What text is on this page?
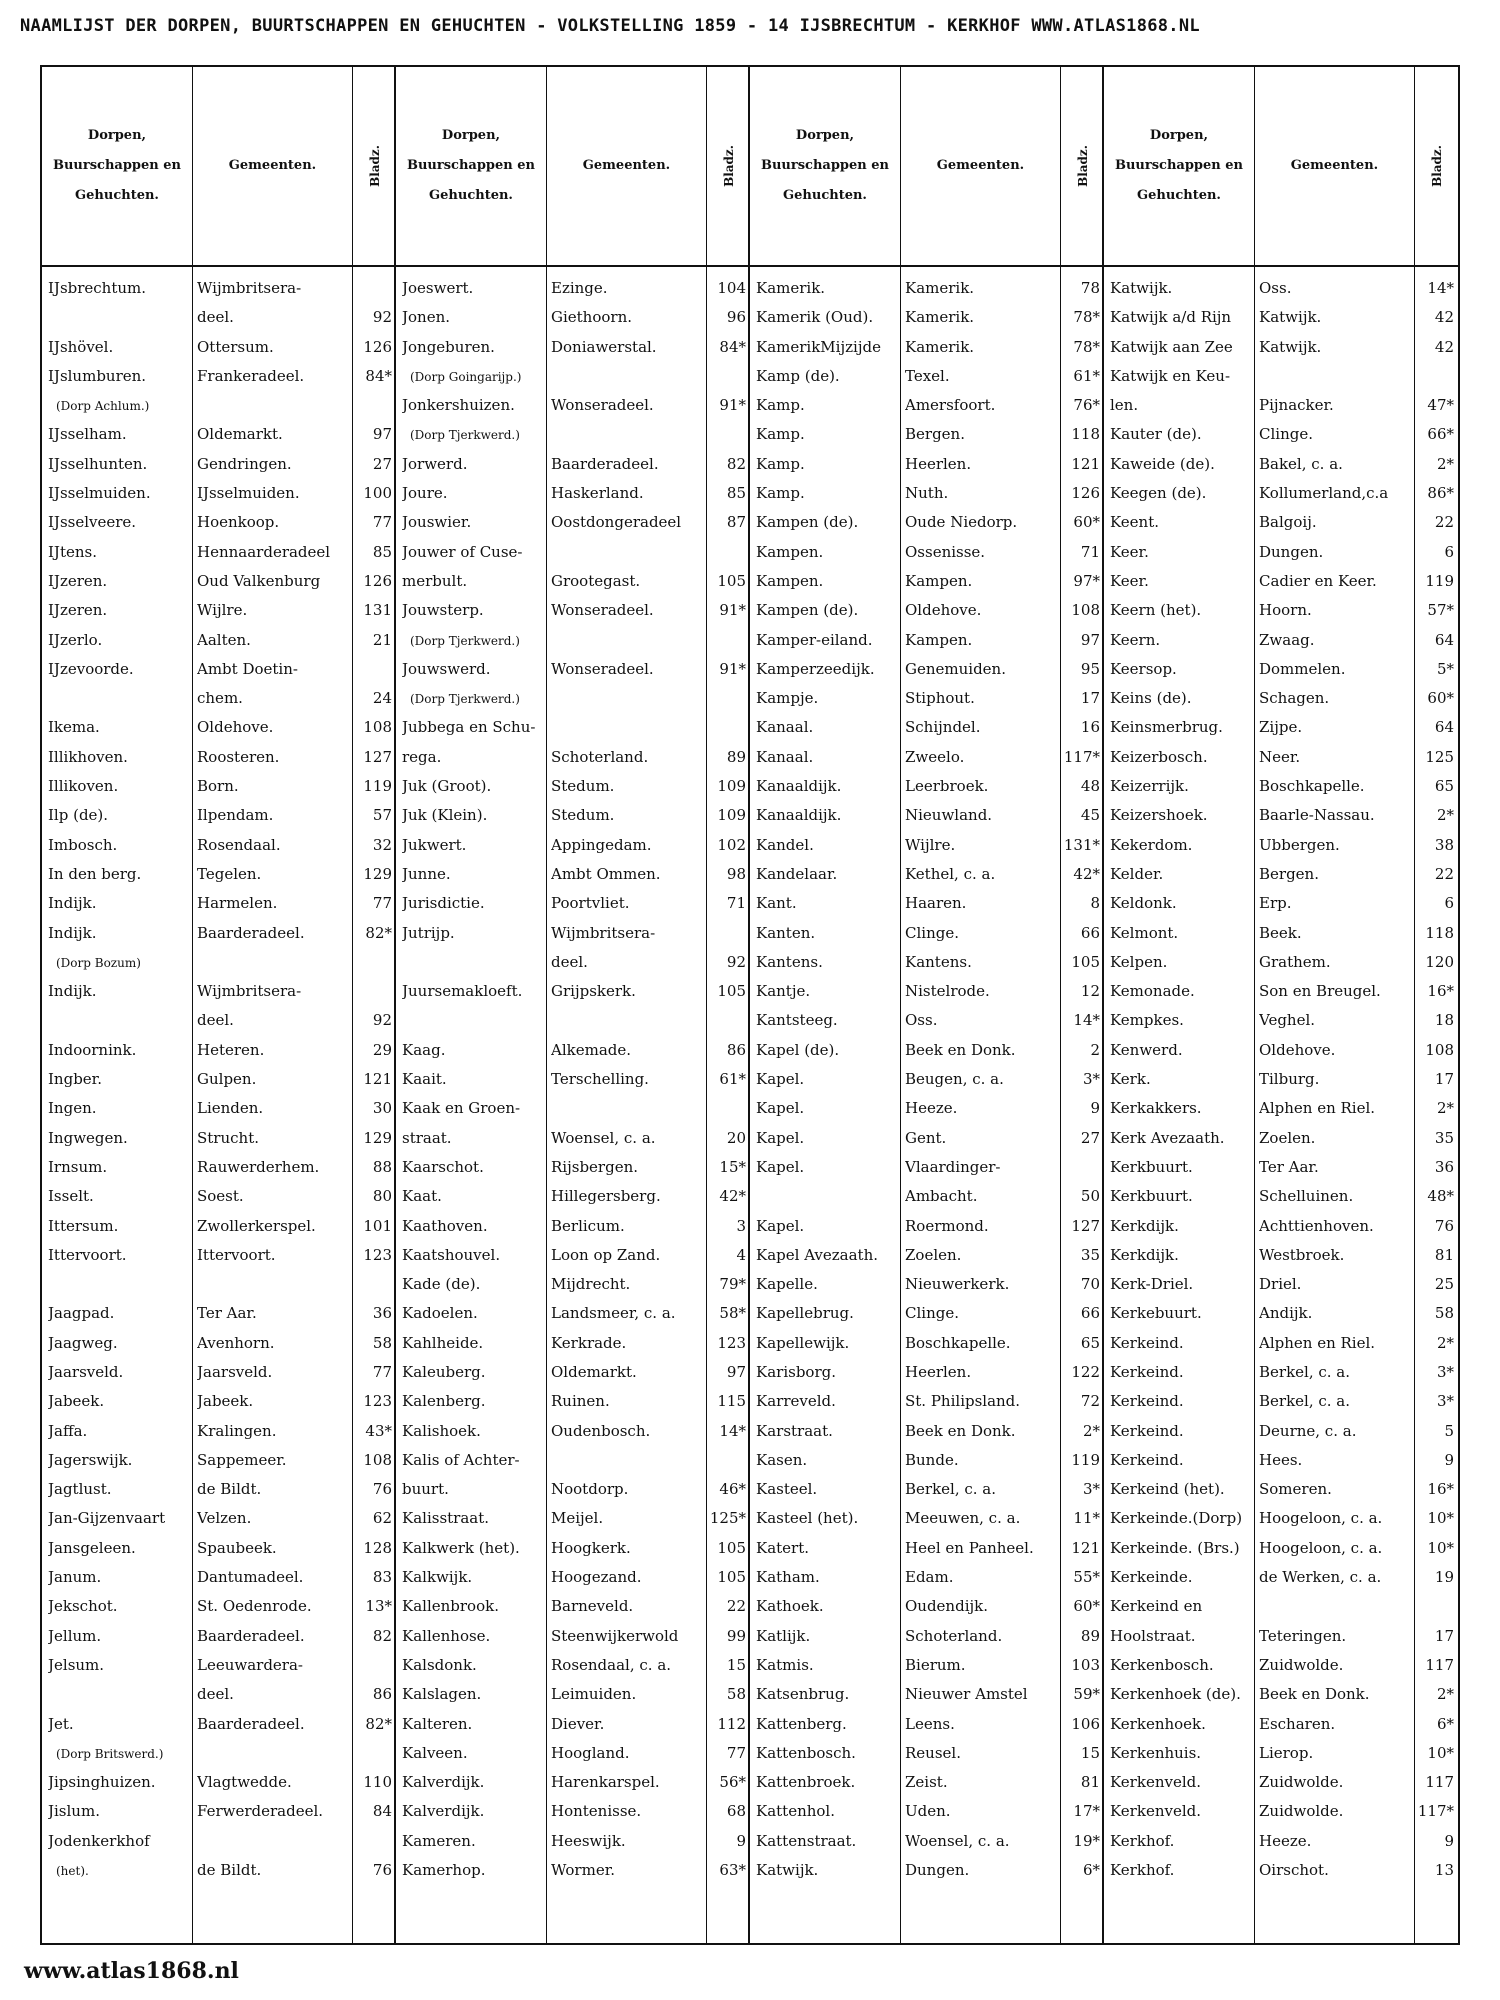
NAAMLIJST DER DORPEN, BUURTSCHAPPEN EN GEHUCHTEN - VOLKSTELLING 1859 - 14 IJSBRECHTUM - KERKHOF WWW.ATLAS1868.NL
Dorpen, Buurschappen en Gehuchten.
Gemeenten.	Bladz.
IJsbrechtum.	Wijmbritsera-
deel.	92
IJshövel.	Ottersum.	126
IJslumburen.	Frankeradeel.	84*
(Dorp Achlum.)
IJsselham.	Oldemarkt.	97
IJsselhunten.	Gendringen.	27
IJsselmuiden.	IJsselmuiden.	100
IJsselveere.	Hoenkoop.	77
IJtens.	Hennaarderadeel	85
IJzeren.	Oud Valkenburg	126
IJzeren.	Wijlre.	131
IJzerlo.	Aalten.	21
IJzevoorde.	Ambt Doetin-
chem.	24
Ikema.	Oldehove.	108
Illikhoven.	Roosteren.	127
Illikoven.	Born.	119
Ilp (de).	Ilpendam.	57
Imbosch.	Rosendaal.	32
In den berg.	Tegelen.	129
Indijk.	Harmelen.	77
Indijk.	Baarderadeel.	82*
(Dorp Bozum)
Indijk.	Wijmbritsera-
deel.	92
Indoornink.	Heteren.	29
Ingber.	Gulpen.	121
Ingen.	Lienden.	30
Ingwegen.	Strucht.	129
Irnsum.	Rauwerderhem.	88
Isselt.	Soest.	80
Ittersum.	Zwollerkerspel.	101
Ittervoort.	Ittervoort.	123
Jaagpad.	Ter Aar.	36
Jaagweg.	Avenhorn.	58
Jaarsveld.	Jaarsveld.	77
Jabeek.	Jabeek.	123
Jaffa.	Kralingen.	43*
Jagerswijk.	Sappemeer.	108
Jagtlust.	de Bildt.	76
Jan-Gijzenvaart	Velzen.	62
Jansgeleen.	Spaubeek.	128
Janum.	Dantumadeel.	83
Jekschot.	St. Oedenrode.	13*
Jellum.	Baarderadeel.	82
Jelsum.	Leeuwardera-
deel.	86
Jet.	Baarderadeel.	82*
(Dorp Britswerd.)
Jipsinghuizen.	Vlagtwedde.	110
Jislum.	Ferwerderadeel.	84
Jodenkerkhof
(het).	de Bildt.	76
Dorpen, Buurschappen en Gehuchten.
Gemeenten.	Bladz.
Joeswert.	Ezinge.	104
Jonen.	Giethoorn.	96
Jongeburen.	Doniawerstal.	84*
(Dorp Goingarijp.)
Jonkershuizen.	Wonseradeel.	91*
(Dorp Tjerkwerd.)
Jorwerd.	Baarderadeel.	82
Joure.	Haskerland.	85
Jouswier.	Oostdongeradeel	87
Jouwer of Cuse-
merbult.	Grootegast.	105
Jouwsterp.	Wonseradeel.	91*
(Dorp Tjerkwerd.)
Jouwswerd.	Wonseradeel.	91*
(Dorp Tjerkwerd.)
Jubbega en Schu-
rega.	Schoterland.	89
Juk (Groot).	Stedum.	109
Juk (Klein).	Stedum.	109
Jukwert.	Appingedam.	102
Junne.	Ambt Ommen.	98
Jurisdictie.	Poortvliet.	71
Jutrijp.	Wijmbritsera-
deel.	92
Juursemakloeft.	Grijpskerk.	105
Kaag.	Alkemade.	86
Kaait.	Terschelling.	61*
Kaak en Groen-
straat.	Woensel, c. a.	20
Kaarschot.	Rijsbergen.	15*
Kaat.	Hillegersberg.	42*
Kaathoven.	Berlicum.	3
Kaatshouvel.	Loon op Zand.	4
Kade (de).	Mijdrecht.	79*
Kadoelen.	Landsmeer, c. a.	58*
Kahlheide.	Kerkrade.	123
Kaleuberg.	Oldemarkt.	97
Kalenberg.	Ruinen.	115
Kalishoek.	Oudenbosch.	14*
Kalis of Achter-
buurt.	Nootdorp.	46*
Kalisstraat.	Meijel.	125*
Kalkwerk (het).	Hoogkerk.	105
Kalkwijk.	Hoogezand.	105
Kallenbrook.	Barneveld.	22
Kallenhose.	Steenwijkerwold	99
Kalsdonk.	Rosendaal, c. a.	15
Kalslagen.	Leimuiden.	58
Kalteren.	Diever.	112
Kalveen.	Hoogland.	77
Kalverdijk.	Harenkarspel.	56*
Kalverdijk.	Hontenisse.	68
Kameren.	Heeswijk.	9
Kamerhop.	Wormer.	63*
Dorpen, Buurschappen en Gehuchten.
Gemeenten.	Bladz.
Kamerik.	Kamerik.	78
Kamerik (Oud).	Kamerik.	78*
KamerikMijzijde	Kamerik.	78*
Kamp (de).	Texel.	61*
Kamp.	Amersfoort.	76*
Kamp.	Bergen.	118
Kamp.	Heerlen.	121
Kamp.	Nuth.	126
Kampen (de).	Oude Niedorp.	60*
Kampen.	Ossenisse.	71
Kampen.	Kampen.	97*
Kampen (de).	Oldehove.	108
Kamper-eiland.	Kampen.	97
Kamperzeedijk.	Genemuiden.	95
Kampje.	Stiphout.	17
Kanaal.	Schijndel.	16
Kanaal.	Zweelo.	117*
Kanaaldijk.	Leerbroek.	48
Kanaaldijk.	Nieuwland.	45
Kandel.	Wijlre.	131*
Kandelaar.	Kethel, c. a.	42*
Kant.	Haaren.	8
Kanten.	Clinge.	66
Kantens.	Kantens.	105
Kantje.	Nistelrode.	12
Kantsteeg.	Oss.	14*
Kapel (de).	Beek en Donk.	2
Kapel.	Beugen, c. a.	3*
Kapel.	Heeze.	9
Kapel.	Gent.	27
Kapel.	Vlaardinger-
Ambacht.	50
Kapel.	Roermond.	127
Kapel Avezaath.	Zoelen.	35
Kapelle.	Nieuwerkerk.	70
Kapellebrug.	Clinge.	66
Kapellewijk.	Boschkapelle.	65
Karisborg.	Heerlen.	122
Karreveld.	St. Philipsland.	72
Karstraat.	Beek en Donk.	2*
Kasen.	Bunde.	119
Kasteel.	Berkel, c. a.	3*
Kasteel (het).	Meeuwen, c. a.	11*
Katert.	Heel en Panheel.	121
Katham.	Edam.	55*
Kathoek.	Oudendijk.	60*
Katlijk.	Schoterland.	89
Katmis.	Bierum.	103
Katsenbrug.	Nieuwer Amstel	59*
Kattenberg.	Leens.	106
Kattenbosch.	Reusel.	15
Kattenbroek.	Zeist.	81
Kattenhol.	Uden.	17*
Kattenstraat.	Woensel, c. a.	19*
Katwijk.	Dungen.	6*
Dorpen, Buurschappen en Gehuchten.
Gemeenten.	Bladz.
Katwijk.	Oss.	14*
Katwijk a/d Rijn	Katwijk.	42
Katwijk aan Zee	Katwijk.	42
Katwijk en Keu-
len.	Pijnacker.	47*
Kauter (de).	Clinge.	66*
Kaweide (de).	Bakel, c. a.	2*
Keegen (de).	Kollumerland,c.a	86*
Keent.	Balgoij.	22
Keer.	Dungen.	6
Keer.	Cadier en Keer.	119
Keern (het).	Hoorn.	57*
Keern.	Zwaag.	64
Keersop.	Dommelen.	5*
Keins (de).	Schagen.	60*
Keinsmerbrug.	Zijpe.	64
Keizerbosch.	Neer.	125
Keizerrijk.	Boschkapelle.	65
Keizershoek.	Baarle-Nassau.	2*
Kekerdom.	Ubbergen.	38
Kelder.	Bergen.	22
Keldonk.	Erp.	6
Kelmont.	Beek.	118
Kelpen.	Grathem.	120
Kemonade.	Son en Breugel.	16*
Kempkes.	Veghel.	18
Kenwerd.	Oldehove.	108
Kerk.	Tilburg.	17
Kerkakkers.	Alphen en Riel.	2*
Kerk Avezaath.	Zoelen.	35
Kerkbuurt.	Ter Aar.	36
Kerkbuurt.	Schelluinen.	48*
Kerkdijk.	Achttienhoven.	76
Kerkdijk.	Westbroek.	81
Kerk-Driel.	Driel.	25
Kerkebuurt.	Andijk.	58
Kerkeind.	Alphen en Riel.	2*
Kerkeind.	Berkel, c. a.	3*
Kerkeind.	Berkel, c. a.	3*
Kerkeind.	Deurne, c. a.	5
Kerkeind.	Hees.	9
Kerkeind (het).	Someren.	16*
Kerkeinde.(Dorp)	Hoogeloon, c. a.	10*
Kerkeinde. (Brs.)	Hoogeloon, c. a.	10*
Kerkeinde.	de Werken, c. a.	19
Kerkeind en
Hoolstraat.	Teteringen.	17
Kerkenbosch.	Zuidwolde.	117
Kerkenhoek (de).	Beek en Donk.	2*
Kerkenhoek.	Escharen.	6*
Kerkenhuis.	Lierop.	10*
Kerkenveld.	Zuidwolde.	117
Kerkenveld.	Zuidwolde.	117*
Kerkhof.	Heeze.	9
Kerkhof.	Oirschot.	13
www.atlas1868.nl
